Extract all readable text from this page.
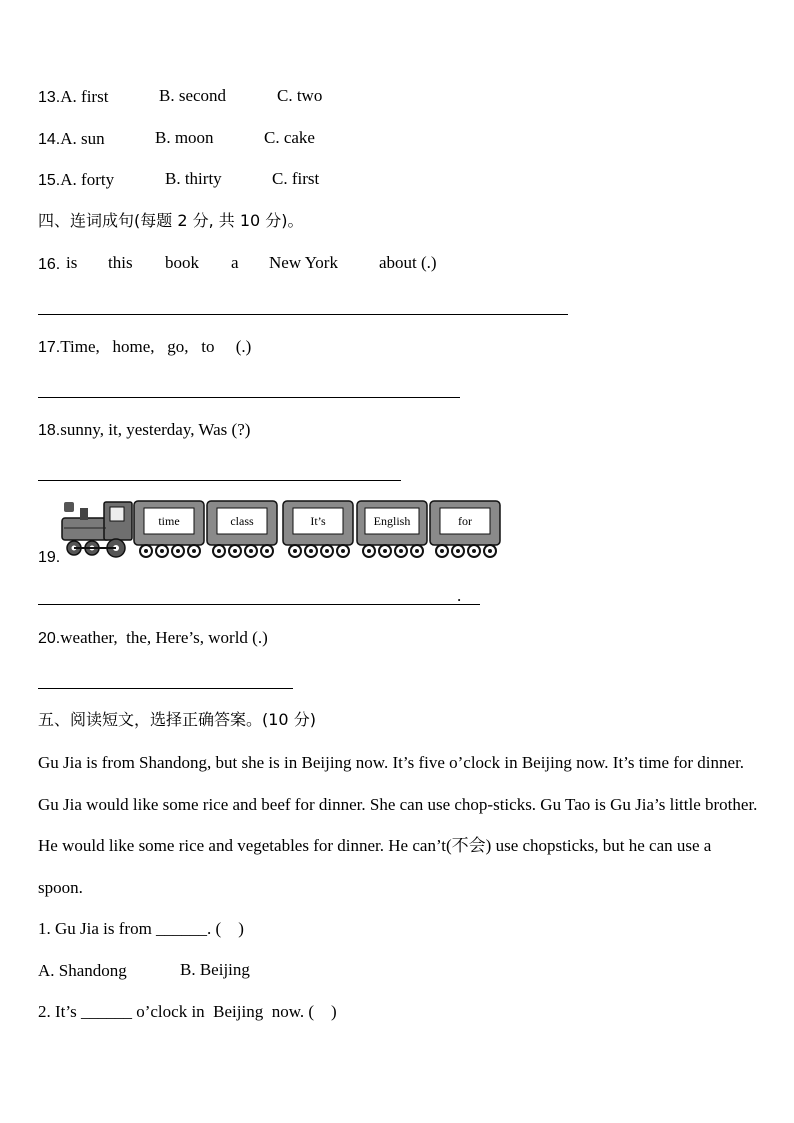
13.A. first	B. second	C. two
14.A. sun	B. moon	C. cake
15.A. forty	B. thirty	C. first
四、连词成句(每题 2 分, 共 10 分)。
16. is this book a New York about (.)
17.Time,   home,   go,   to     (.)
18.sunny, it, yesterday, Was (?)
19.
time	class	It’s	English	for
.
20.weather,  the, Here’s, world (.)
五、阅读短文，选择正确答案。(10 分)
Gu Jia is from Shandong, but she is in Beijing now. It’s five o’clock in Beijing now. It’s time for dinner. Gu Jia would like some rice and beef for dinner. She can use chop-sticks. Gu Tao is Gu Jia’s little brother. He would like some rice and vegetables for dinner. He can’t(不会) use chopsticks, but he can use a spoon.
1. Gu Jia is from ______. (    )
A. Shandong	B. Beijing
2. It’s ______ o’clock in  Beijing  now. (    )
